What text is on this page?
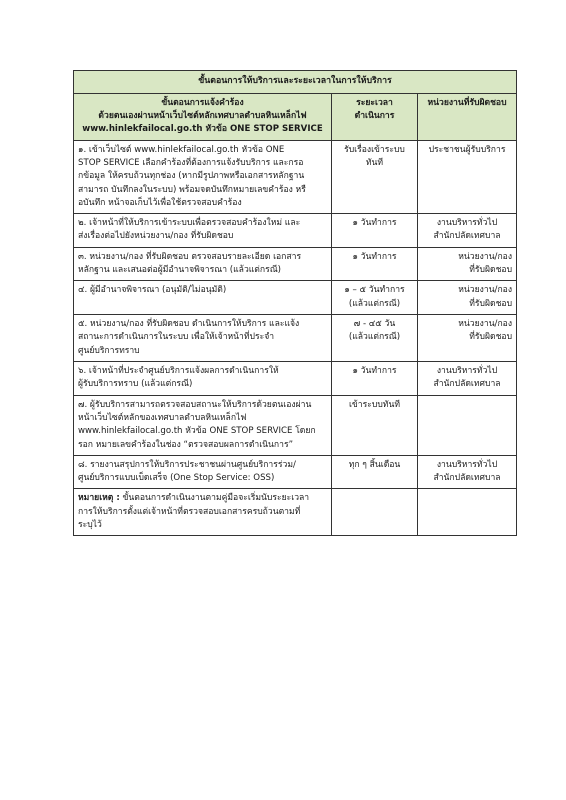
ขั้นตอนการให้บริการและระยะเวลาในการให้บริการ		

ขั้นตอนการแจ้งคำร้อง
ด้วยตนเองผ่านหน้าเว็บไซต์หลักเทศบาลตำบลหินเหล็กไฟ
www.hinlekfailocal.go.th หัวข้อ ONE STOP SERVICE	ระยะเวลา
ดำเนินการ	หน่วยงานที่รับผิดชอบ

๑. เข้าเว็บไซต์ www.hinlekfailocal.go.th หัวข้อ ONE
STOP SERVICE เลือกคำร้องที่ต้องการแจ้งรับบริการ และกรอ
กข้อมูล ให้ครบถ้วนทุกช่อง (หากมีรูปภาพหรือเอกสารหลักฐาน
สามารถ บันทึกลงในระบบ) พร้อมจดบันทึกหมายเลขคำร้อง หรื
อบันทึก หน้าจอเก็บไว้เพื่อใช้ตรวจสอบคำร้อง	รับเรื่องเข้าระบบ
ทันที	ประชาชนผู้รับบริการ

๒. เจ้าหน้าที่ให้บริการเข้าระบบเพื่อตรวจสอบคำร้องใหม่ และ
ส่งเรื่องต่อไปยังหน่วยงาน/กอง ที่รับผิดชอบ	๑ วันทำการ	งานบริหารทั่วไป
สำนักปลัดเทศบาล

๓. หน่วยงาน/กอง ที่รับผิดชอบ ตรวจสอบรายละเอียด เอกสาร
หลักฐาน และเสนอต่อผู้มีอำนาจพิจารณา (แล้วแต่กรณี)	๑ วันทำการ	หน่วยงาน/กอง
ที่รับผิดชอบ

๔. ผู้มีอำนาจพิจารณา (อนุมัติ/ไม่อนุมัติ)	๑ – ๕ วันทำการ
(แล้วแต่กรณี)	หน่วยงาน/กอง
ที่รับผิดชอบ

๕. หน่วยงาน/กอง ที่รับผิดชอบ ดำเนินการให้บริการ และแจ้ง
สถานะการดำเนินการในระบบ เพื่อให้เจ้าหน้าที่ประจำ
ศูนย์บริการทราบ	๗ - ๔๕ วัน
(แล้วแต่กรณี)	หน่วยงาน/กอง
ที่รับผิดชอบ

๖. เจ้าหน้าที่ประจำศูนย์บริการแจ้งผลการดำเนินการให้
ผู้รับบริการทราบ (แล้วแต่กรณี)	๑ วันทำการ	งานบริหารทั่วไป
สำนักปลัดเทศบาล

๗. ผู้รับบริการสามารถตรวจสอบสถานะให้บริการด้วยตนเองผ่าน
หน้าเว็บไซต์หลักของเทศบาลตำบลหินเหล็กไฟ
www.hinlekfailocal.go.th หัวข้อ ONE STOP SERVICE โดยก
รอก หมายเลขคำร้องในช่อง “ตรวจสอบผลการดำเนินการ”	เข้าระบบทันที	

๘. รายงานสรุปการให้บริการประชาชนผ่านศูนย์บริการร่วม/
ศูนย์บริการแบบเบ็ดเสร็จ (One Stop Service: OSS)	ทุก ๆ สิ้นเดือน	งานบริหารทั่วไป
สำนักปลัดเทศบาล

หมายเหตุ : ขั้นตอนการดำเนินงานตามคู่มือจะเริ่มนับระยะเวลา
การให้บริการตั้งแต่เจ้าหน้าที่ตรวจสอบเอกสารครบถ้วนตามที่
ระบุไว้		
